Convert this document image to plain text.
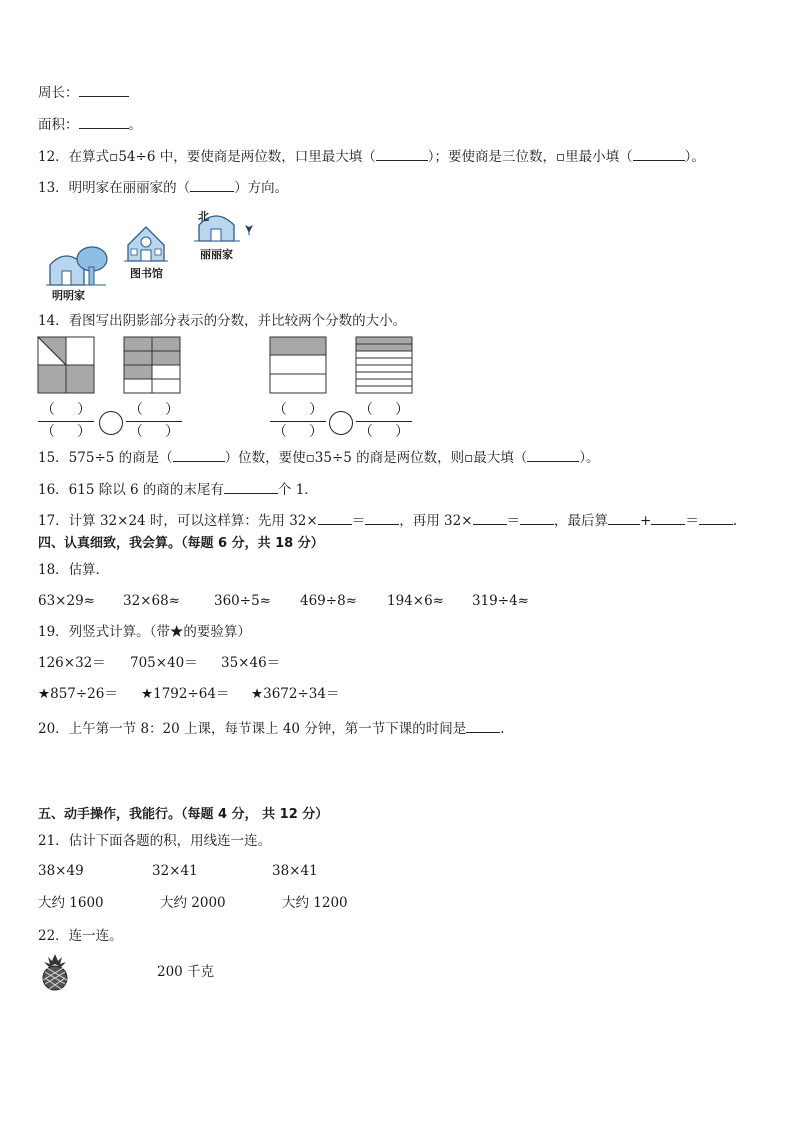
周长：
面积：	。
12．在算式▫54÷6 中，要使商是两位数，口里最大填（	）；要使商是三位数，▫里最小填（	）。
13．明明家在丽丽家的（	）方向。
北
图书馆
丽丽家
明明家
14．看图写出阴影部分表示的分数，并比较两个分数的大小。
（ ）
（ ）
（ ）
（ ）
（ ）
（ ）
（ ）
（ ）
15．575÷5 的商是（	）位数，要使▫35÷5 的商是两位数，则▫最大填（	）。
16．615 除以 6 的商的末尾有	个 1．
17．计算 32×24 时，可以这样算：先用 32×	＝	，再用 32×	＝	，最后算 +	＝	.
四、认真细致，我会算。（每题 6 分，共 18 分）
18．估算．
63×29≈ 32×68≈	360÷5≈ 469÷8≈ 194×6≈ 319÷4≈
19．列竖式计算。（带★的要验算）
126×32＝ 705×40＝ 35×46＝
★857÷26＝ ★1792÷64＝ ★3672÷34＝
20．上午第一节 8：20 上课，每节课上 40 分钟，第一节下课的时间是	.
五、动手操作，我能行。（每题 4 分， 共 12 分）
21．估计下面各题的积，用线连一连。
38×49	32×41	38×41
大约 1600	大约 2000	大约 1200
22．连一连。
200 千克
